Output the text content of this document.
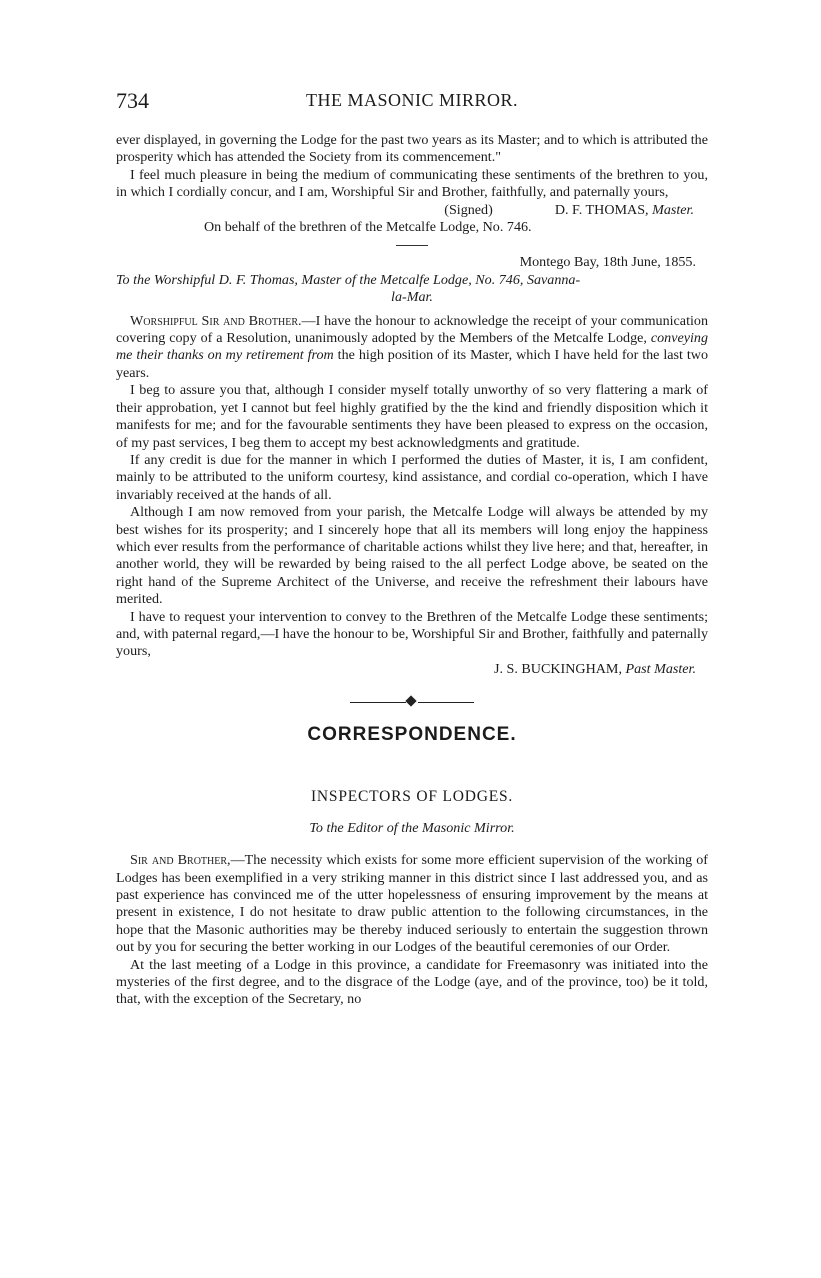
734	THE MASONIC MIRROR.

ever displayed, in governing the Lodge for the past two years as its Master; and to which is attributed the prosperity which has attended the Society from its commencement."

I feel much pleasure in being the medium of communicating these sentiments of the brethren to you, in which I cordially concur, and I am, Worshipful Sir and Brother, faithfully, and paternally yours,

(Signed)	D. F. THOMAS, Master.
On behalf of the brethren of the Metcalfe Lodge, No. 746.
Montego Bay, 18th June, 1855.
To the Worshipful D. F. Thomas, Master of the Metcalfe Lodge, No. 746, Savanna-
la-Mar.

Worshipful Sir and Brother.—I have the honour to acknowledge the receipt of your communication covering copy of a Resolution, unanimously adopted by the Members of the Metcalfe Lodge, conveying me their thanks on my retirement from the high position of its Master, which I have held for the last two years.

I beg to assure you that, although I consider myself totally unworthy of so very flattering a mark of their approbation, yet I cannot but feel highly gratified by the the kind and friendly disposition which it manifests for me; and for the favourable sentiments they have been pleased to express on the occasion, of my past services, I beg them to accept my best acknowledgments and gratitude.

If any credit is due for the manner in which I performed the duties of Master, it is, I am confident, mainly to be attributed to the uniform courtesy, kind assistance, and cordial co-operation, which I have invariably received at the hands of all.

Although I am now removed from your parish, the Metcalfe Lodge will always be attended by my best wishes for its prosperity; and I sincerely hope that all its members will long enjoy the happiness which ever results from the performance of charitable actions whilst they live here; and that, hereafter, in another world, they will be rewarded by being raised to the all perfect Lodge above, be seated on the right hand of the Supreme Architect of the Universe, and receive the refreshment their labours have merited.

I have to request your intervention to convey to the Brethren of the Metcalfe Lodge these sentiments; and, with paternal regard,—I have the honour to be, Worshipful Sir and Brother, faithfully and paternally yours,

J. S. BUCKINGHAM, Past Master.
CORRESPONDENCE.
INSPECTORS OF LODGES.
To the Editor of the Masonic Mirror.

Sir and Brother,—The necessity which exists for some more efficient supervision of the working of Lodges has been exemplified in a very striking manner in this district since I last addressed you, and as past experience has convinced me of the utter hopelessness of ensuring improvement by the means at present in existence, I do not hesitate to draw public attention to the following circumstances, in the hope that the Masonic authorities may be thereby induced seriously to entertain the suggestion thrown out by you for securing the better working in our Lodges of the beautiful ceremonies of our Order.

At the last meeting of a Lodge in this province, a candidate for Freemasonry was initiated into the mysteries of the first degree, and to the disgrace of the Lodge (aye, and of the province, too) be it told, that, with the exception of the Secretary, no
